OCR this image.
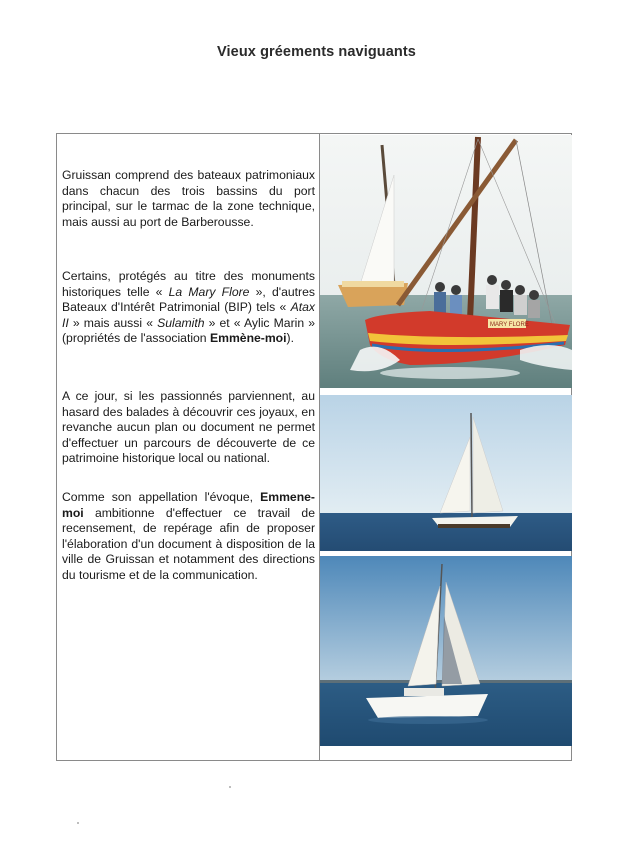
Vieux gréements naviguants

Gruissan comprend des bateaux patrimoniaux dans chacun des trois bassins du port principal, sur le tarmac de la zone technique, mais aussi au port de Barberousse.

Certains, protégés au titre des monuments historiques telle « La Mary Flore », d'autres Bateaux d'Intérêt Patrimonial (BIP) tels « Atax II » mais aussi « Sulamith » et « Aylic Marin » (propriétés de l'association Emmène-moi).

A ce jour, si les passionnés parviennent, au hasard des balades à découvrir ces joyaux, en revanche aucun plan ou document ne permet d'effectuer un parcours de découverte de ce patrimoine historique local ou national.

Comme son appellation l'évoque, Emmene-moi ambitionne d'effectuer ce travail de recensement, de repérage afin de proposer l'élaboration d'un document à disposition de la ville de Gruissan et notamment des directions du tourisme et de la communication.

MARY FLORE
